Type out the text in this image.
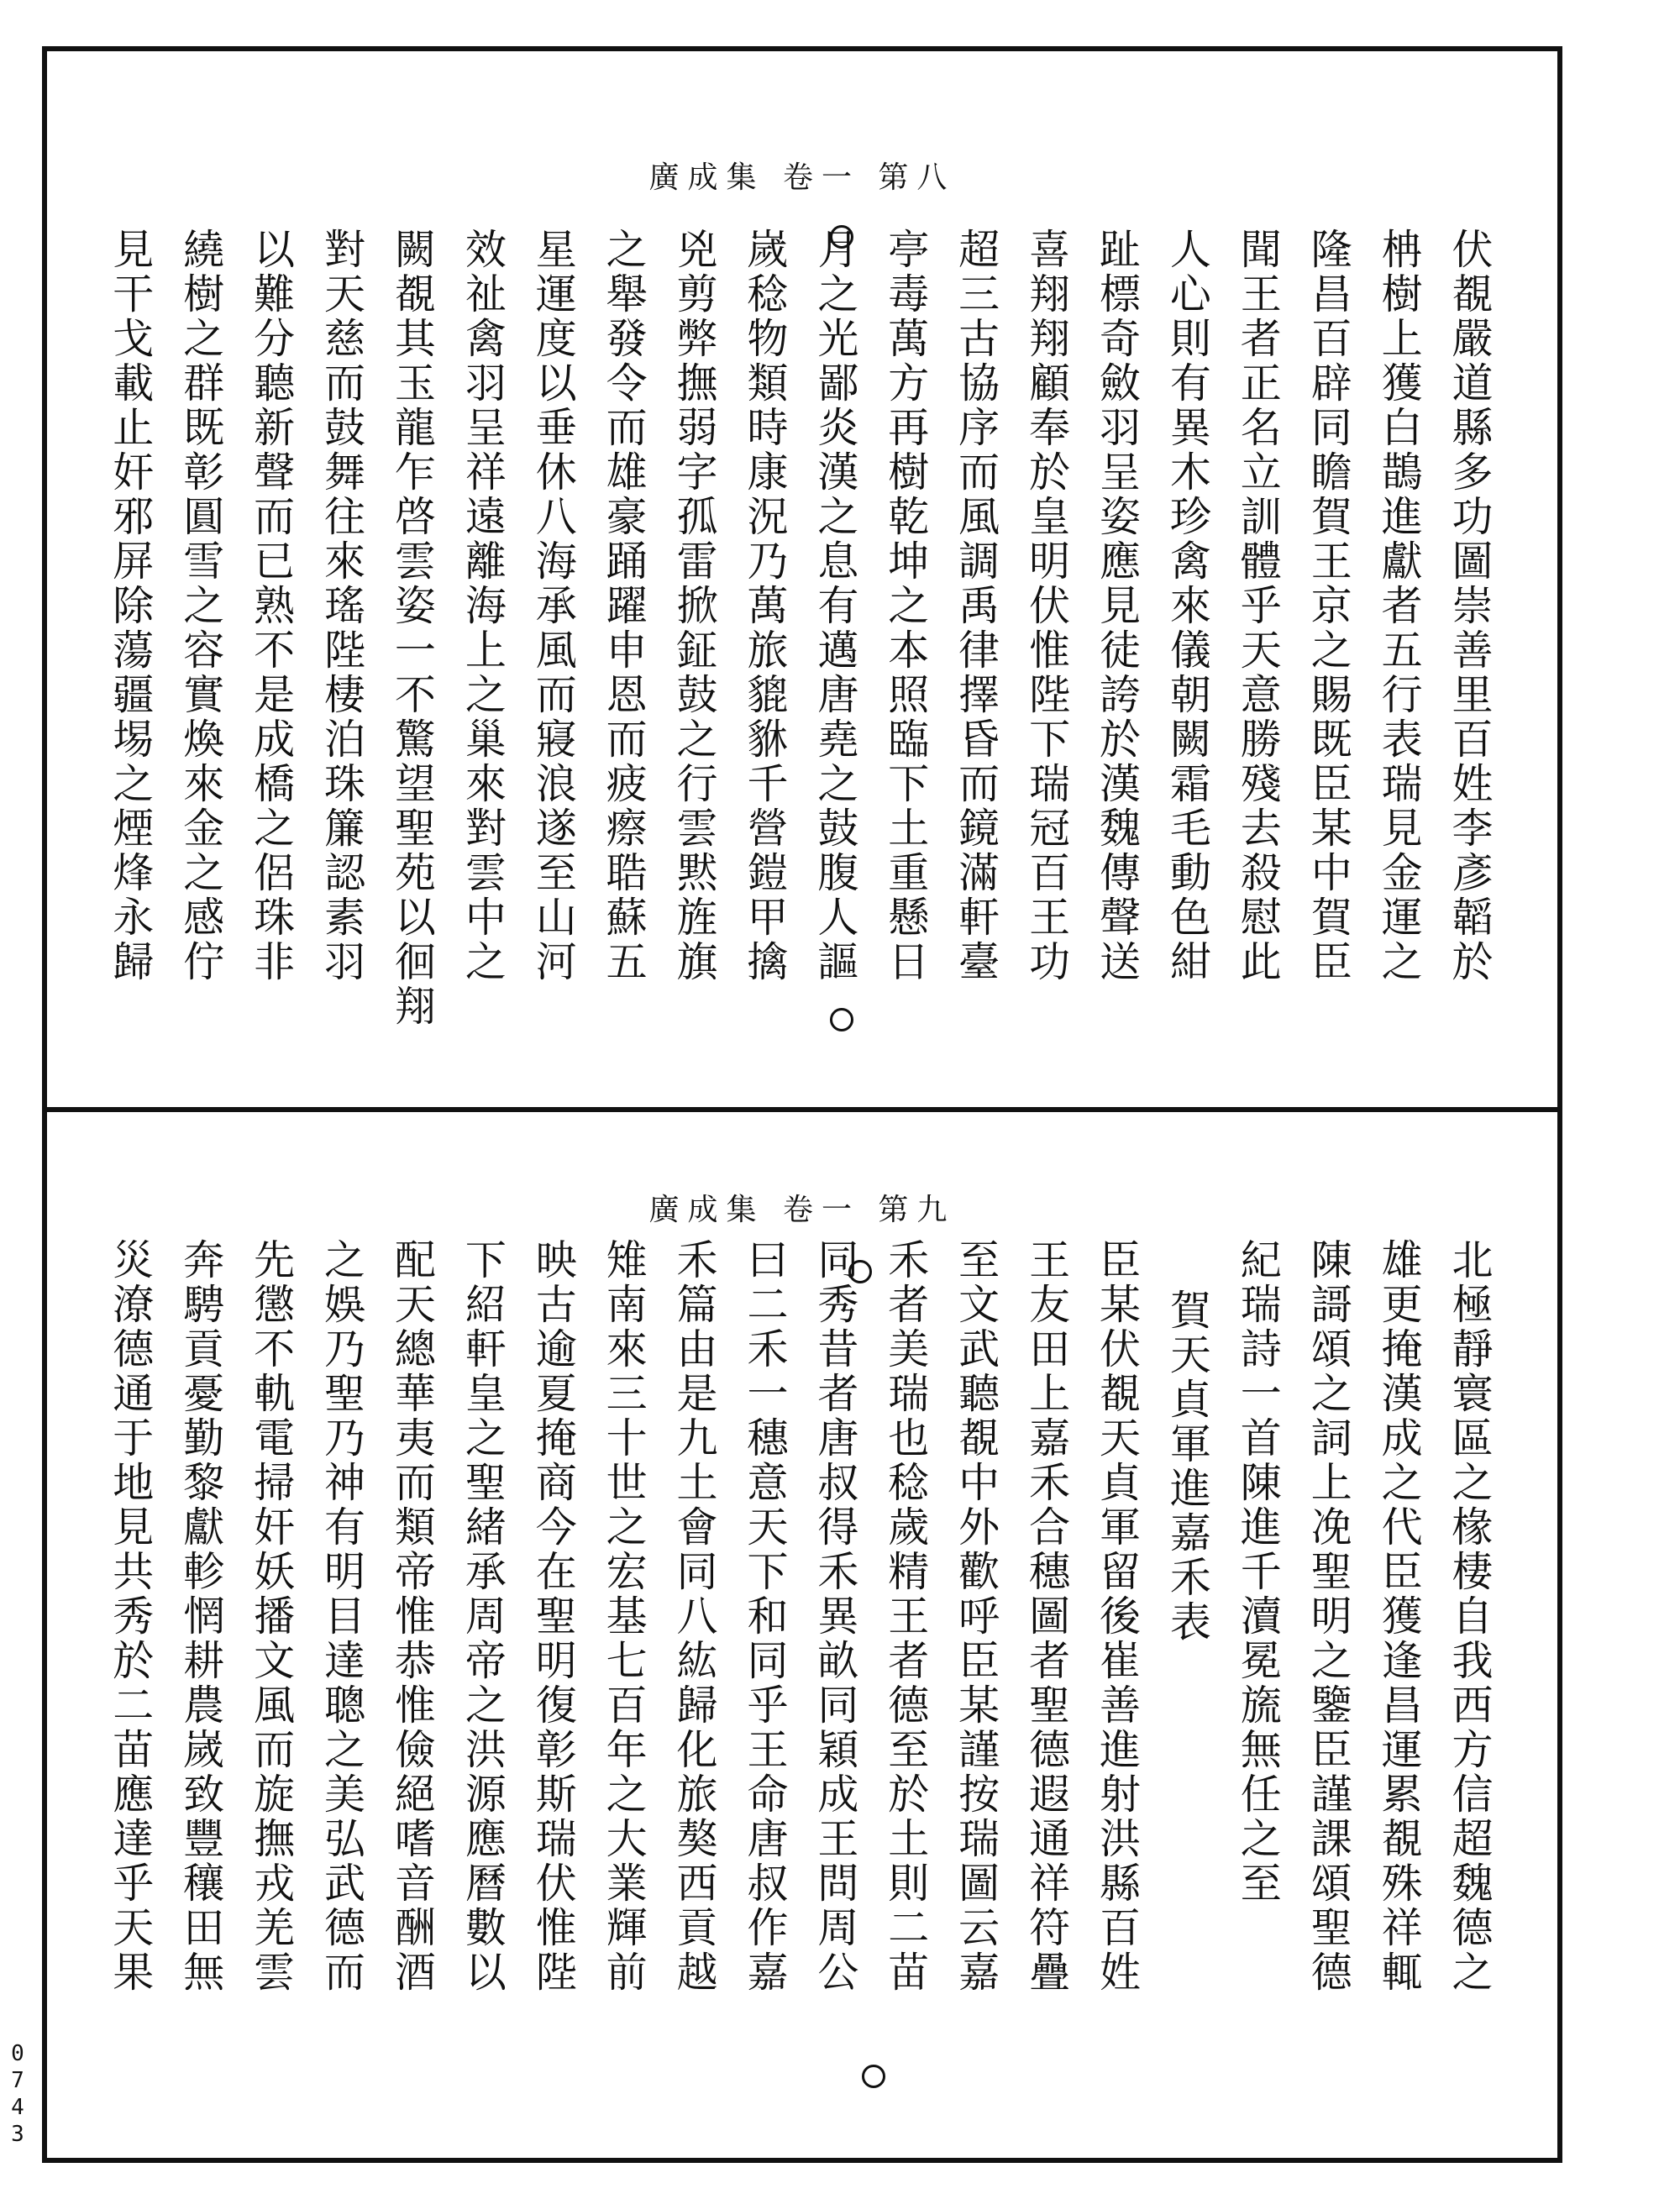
廣成集 卷一 第八
伏覩嚴道縣多功圖崇善里百姓李彥韜於
柟樹上獲白鵲進獻者五行表瑞見金運之
隆昌百辟同瞻賀王京之賜既臣某中賀臣
聞王者正名立訓體乎天意勝殘去殺慰此
人心則有異木珍禽來儀朝闕霜毛動色紺
趾標奇斂羽呈姿應見徒誇於漢魏傳聲送
喜翔翔顧奉於皇明伏惟陛下瑞冠百王功
超三古協序而風調禹律擇昏而鏡滿軒臺
亭毒萬方再樹乾坤之本照臨下土重懸日
月之光鄙炎漢之息有邁唐堯之鼓腹人謳
嵗稔物類時康況乃萬旅貔貅千營鎧甲擒
兇剪弊撫弱字孤雷掀鉦鼓之行雲黙旌旗
之舉發令而雄豪踊躍申恩而疲瘵聕蘇五
星運度以垂休八海承風而寢浪遂至山河
效祉禽羽呈祥遠離海上之巢來對雲中之
闕覩其玉龍乍啓雲姿一不驚望聖苑以徊翔
對天慈而鼓舞往來瑤陛棲泊珠簾認素羽
以難分聽新聲而已熟不是成橋之侶珠非
繞樹之群既彰圓雪之容實煥來金之感佇
見干戈載止奸邪屏除蕩疆埸之煙烽永歸
廣成集 卷一 第九
北極靜寰區之椽棲自我西方信超魏德之
雄更掩漢成之代臣獲逢昌運累覩殊祥輒
陳謌頌之詞上凂聖明之鑒臣謹課頌聖德
紀瑞詩一首陳進千瀆冕旒無任之至
賀天貞軍進嘉禾表
臣某伏覩天貞軍留後崔善進射洪縣百姓
王友田上嘉禾合穗圖者聖德遐通祥符疊
至文武聽覩中外歡呼臣某謹按瑞圖云嘉
禾者美瑞也稔歲精王者德至於土則二苗
同秀昔者唐叔得禾異畝同穎成王問周公
曰二禾一穗意天下和同乎王命唐叔作嘉
禾篇由是九土會同八紘歸化旅獒西貢越
雉南來三十世之宏基七百年之大業輝前
映古逾夏掩商今在聖明復彰斯瑞伏惟陛
下紹軒皇之聖緒承周帝之洪源應曆數以
配天總華夷而類帝惟恭惟儉絕嗜音酬酒
之娛乃聖乃神有明目達聰之美弘武德而
先懲不軌電掃奸妖播文風而旋撫戎羌雲
奔騁貢憂勤黎獻軫惘耕農嵗致豐穰田無
災潦德通于地見共秀於二苗應達乎天果
0743
